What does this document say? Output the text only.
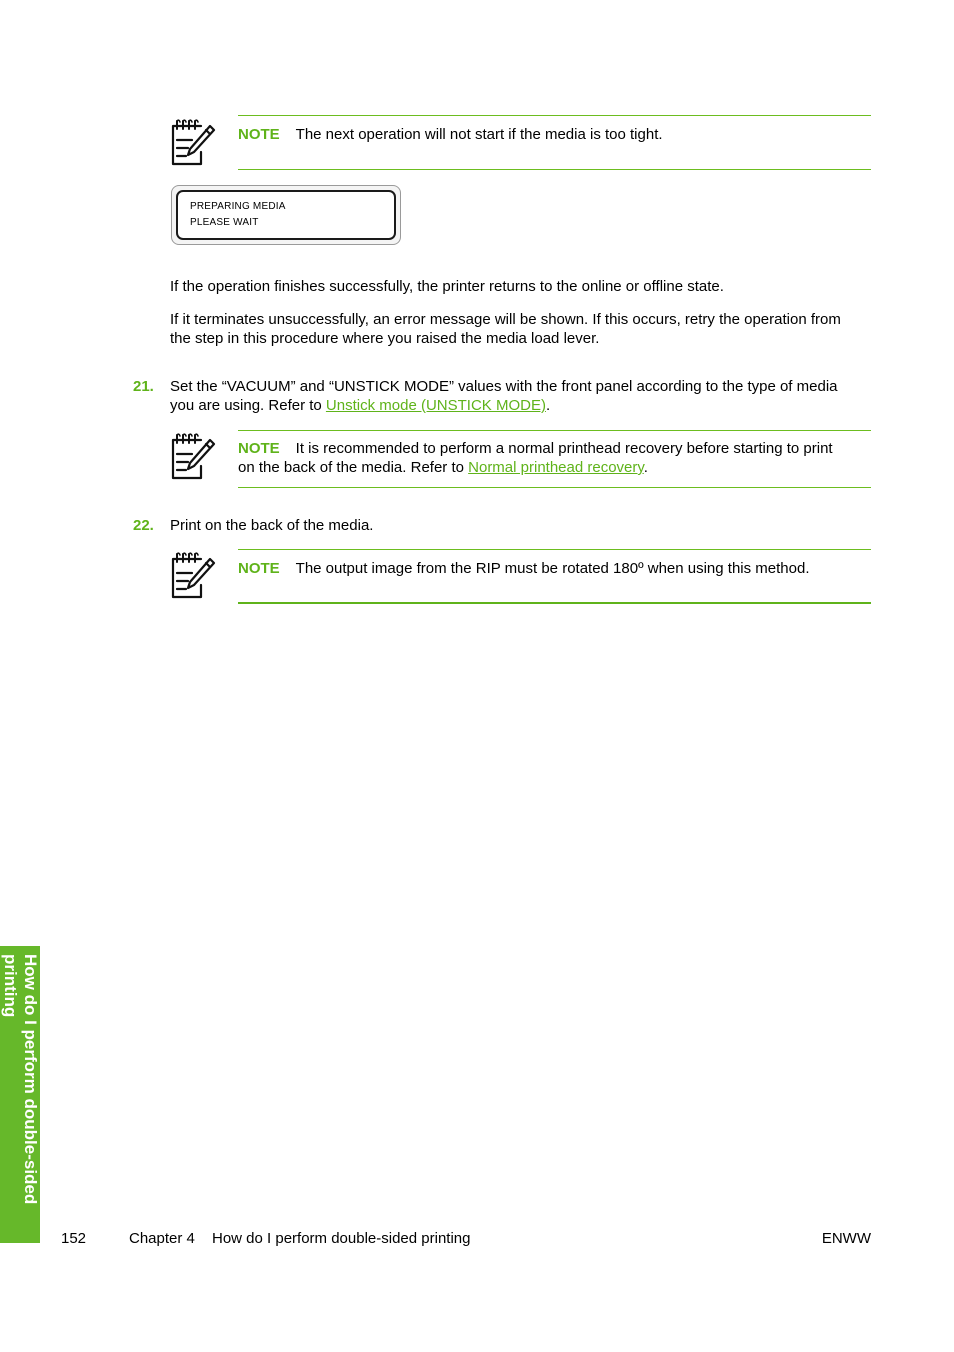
NOTE The next operation will not start if the media is too tight.
PREPARING MEDIA
PLEASE WAIT
If the operation finishes successfully, the printer returns to the online or offline state.
If it terminates unsuccessfully, an error message will be shown. If this occurs, retry the operation from
the step in this procedure where you raised the media load lever.
21. Set the “VACUUM” and “UNSTICK MODE” values with the front panel according to the type of media
you are using. Refer to Unstick mode (UNSTICK MODE).
NOTE It is recommended to perform a normal printhead recovery before starting to print
on the back of the media. Refer to Normal printhead recovery.
22. Print on the back of the media.
NOTE The output image from the RIP must be rotated 180º when using this method.
How do I perform double-sided printing
152	Chapter 4 How do I perform double-sided printing	ENWW
